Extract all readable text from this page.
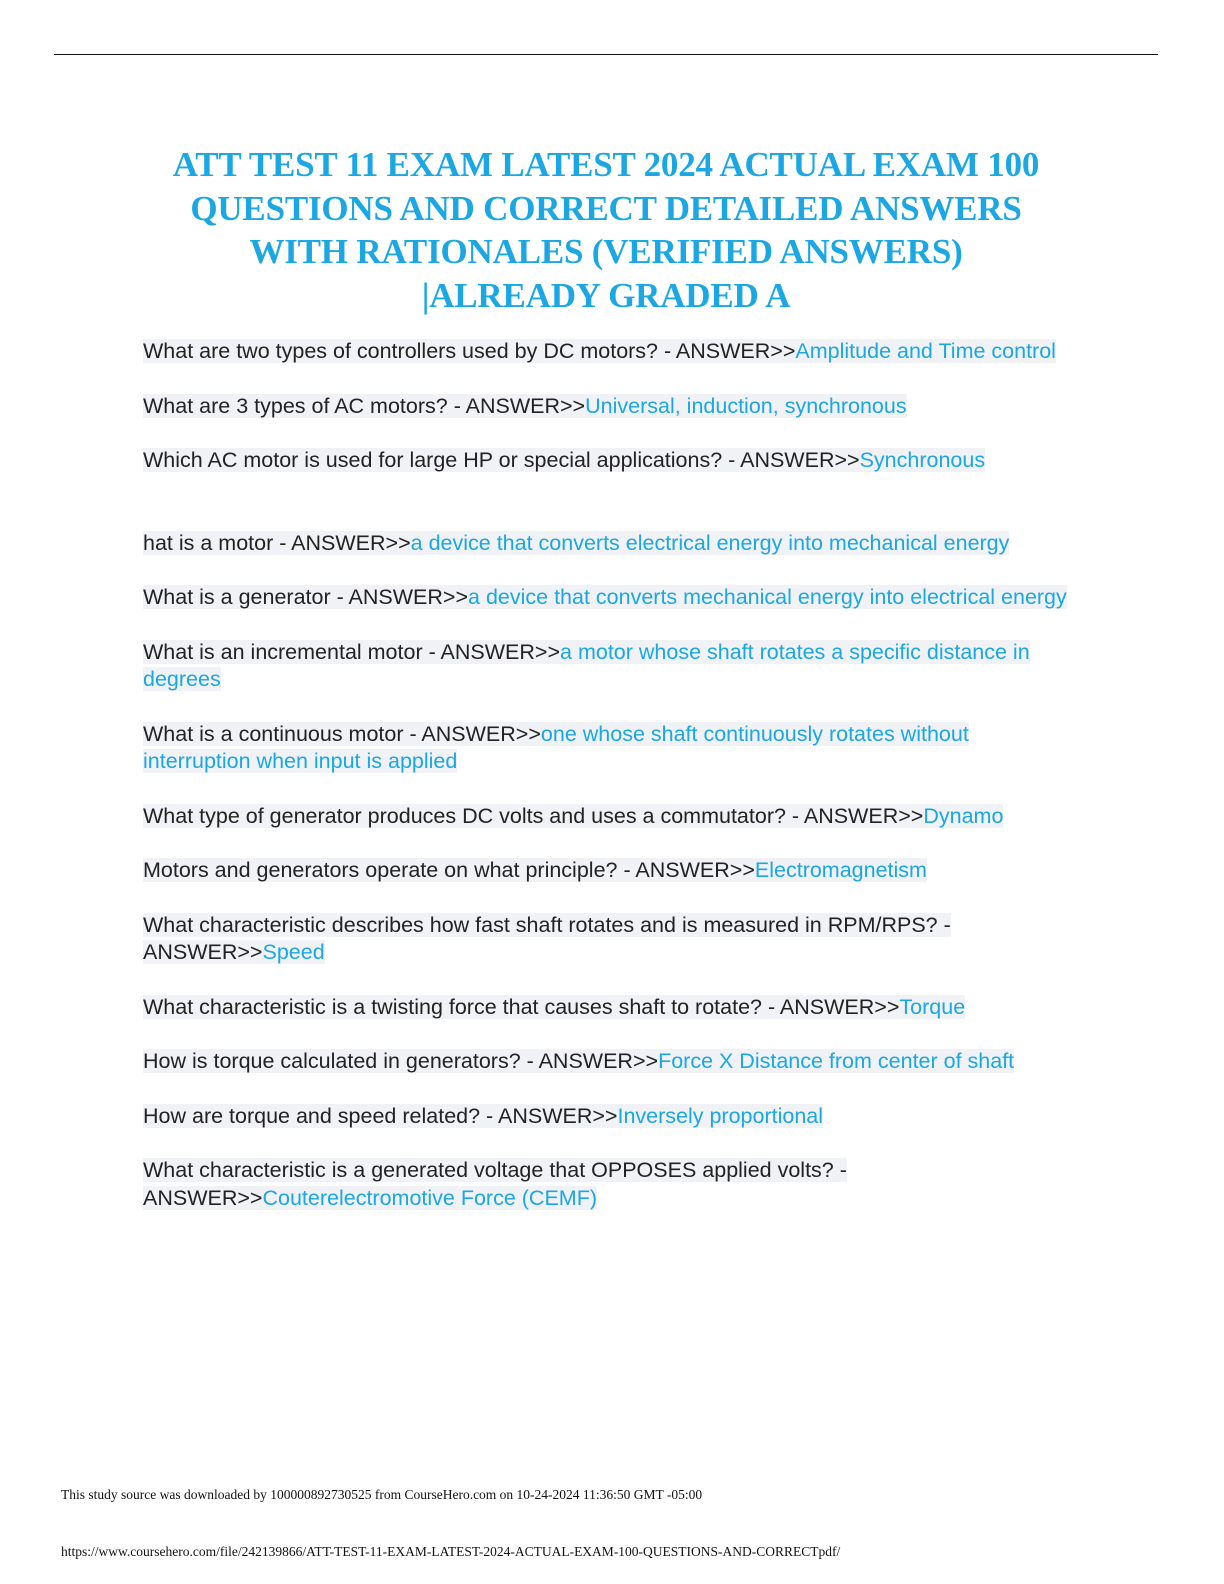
ATT TEST 11 EXAM LATEST 2024 ACTUAL EXAM 100
QUESTIONS AND CORRECT DETAILED ANSWERS
WITH RATIONALES (VERIFIED ANSWERS)
|ALREADY GRADED A
What are two types of controllers used by DC motors? - ANSWER>>Amplitude and Time control
What are 3 types of AC motors? - ANSWER>>Universal, induction, synchronous
Which AC motor is used for large HP or special applications? - ANSWER>>Synchronous
hat is a motor - ANSWER>>a device that converts electrical energy into mechanical energy
What is a generator - ANSWER>>a device that converts mechanical energy into electrical energy
What is an incremental motor - ANSWER>>a motor whose shaft rotates a specific distance in degrees
What is a continuous motor - ANSWER>>one whose shaft continuously rotates without interruption when input is applied
What type of generator produces DC volts and uses a commutator? - ANSWER>>Dynamo
Motors and generators operate on what principle? - ANSWER>>Electromagnetism
What characteristic describes how fast shaft rotates and is measured in RPM/RPS? - ANSWER>>Speed
What characteristic is a twisting force that causes shaft to rotate? - ANSWER>>Torque
How is torque calculated in generators? - ANSWER>>Force X Distance from center of shaft
How are torque and speed related? - ANSWER>>Inversely proportional
What characteristic is a generated voltage that OPPOSES applied volts? - ANSWER>>Couterelectromotive Force (CEMF)

This study source was downloaded by 100000892730525 from CourseHero.com on 10-24-2024 11:36:50 GMT -05:00

https://www.coursehero.com/file/242139866/ATT-TEST-11-EXAM-LATEST-2024-ACTUAL-EXAM-100-QUESTIONS-AND-CORRECTpdf/
